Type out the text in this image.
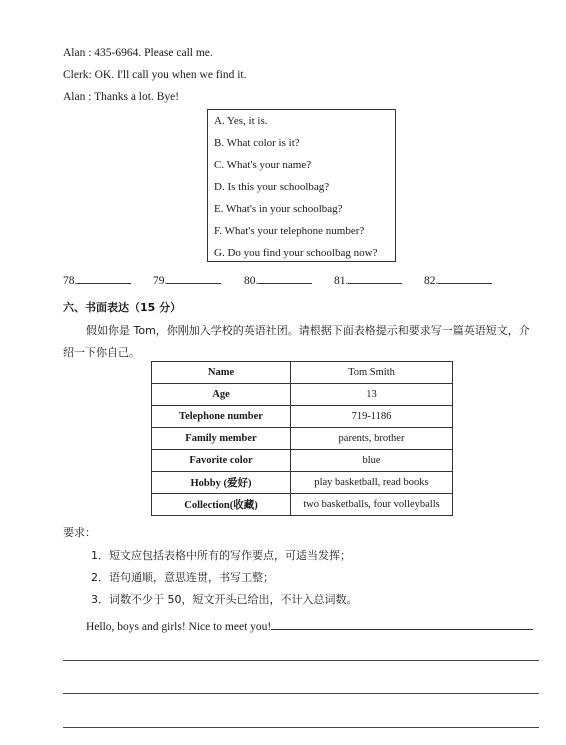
Alan : 435-6964. Please call me.
Clerk: OK. I'll call you when we find it.
Alan : Thanks a lot. Bye!
A. Yes, it is.
B. What color is it?
C. What's your name?
D. Is this your schoolbag?
E. What's in your schoolbag?
F. What's your telephone number?
G. Do you find your schoolbag now?
78.	79.	80.	81.	82.
六、书面表达（15 分）
假如你是 Tom，你刚加入学校的英语社团。请根据下面表格提示和要求写一篇英语短文，介
绍一下你自己。
Name	Tom Smith
Age	13
Telephone number	719-1186
Family member	parents, brother
Favorite color	blue
Hobby (爱好)	play basketball, read books
Collection(收藏)	two basketballs, four volleyballs
要求：
1．短文应包括表格中所有的写作要点，可适当发挥；
2．语句通顺，意思连贯，书写工整；
3．词数不少于 50，短文开头已给出，不计入总词数。
Hello, boys and girls! Nice to meet you!
